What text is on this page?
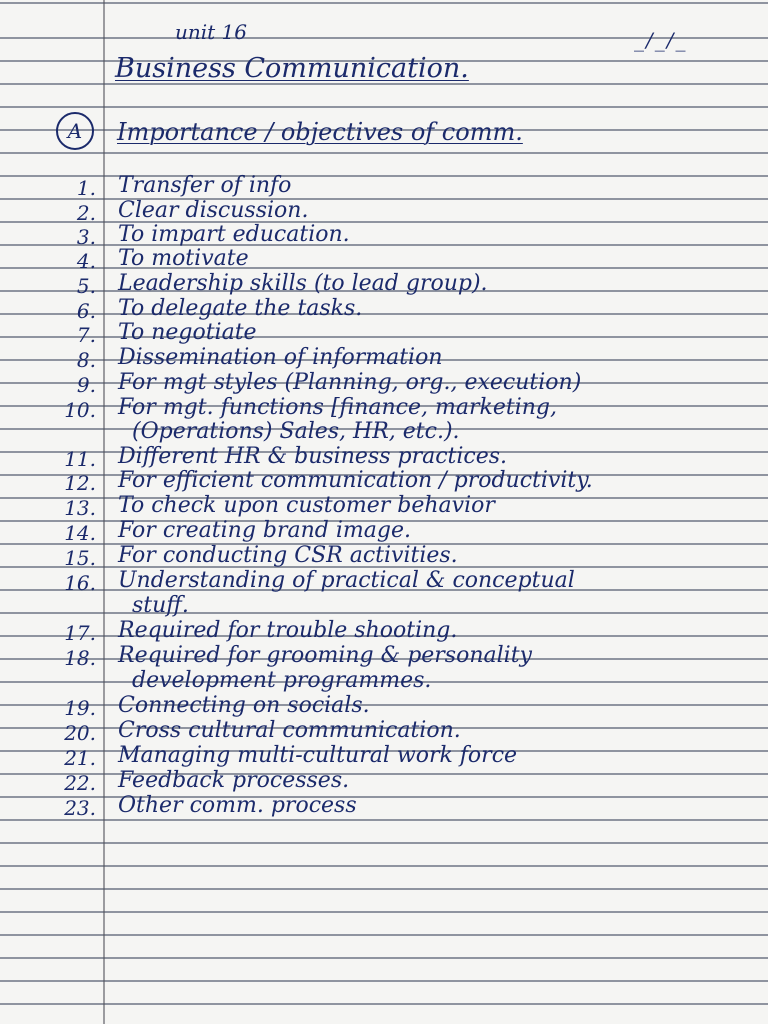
unit 16	_/_/_
Business Communication.
A	Importance / objectives of comm.
1. Transfer of info
2. Clear discussion.
3. To impart education.
4. To motivate
5. Leadership skills (to lead group).
6. To delegate the tasks.
7. To negotiate
8. Dissemination of information
9. For mgt styles (Planning, org., execution)
10. For mgt. functions [finance, marketing,
(Operations) Sales, HR, etc.).
11. Different HR & business practices.
12. For efficient communication / productivity.
13. To check upon customer behavior
14. For creating brand image.
15. For conducting CSR activities.
16. Understanding of practical & conceptual
stuff.
17. Required for trouble shooting.
18. Required for grooming & personality
development programmes.
19. Connecting on socials.
20. Cross cultural communication.
21. Managing multi-cultural work force
22. Feedback processes.
23. Other comm. process
